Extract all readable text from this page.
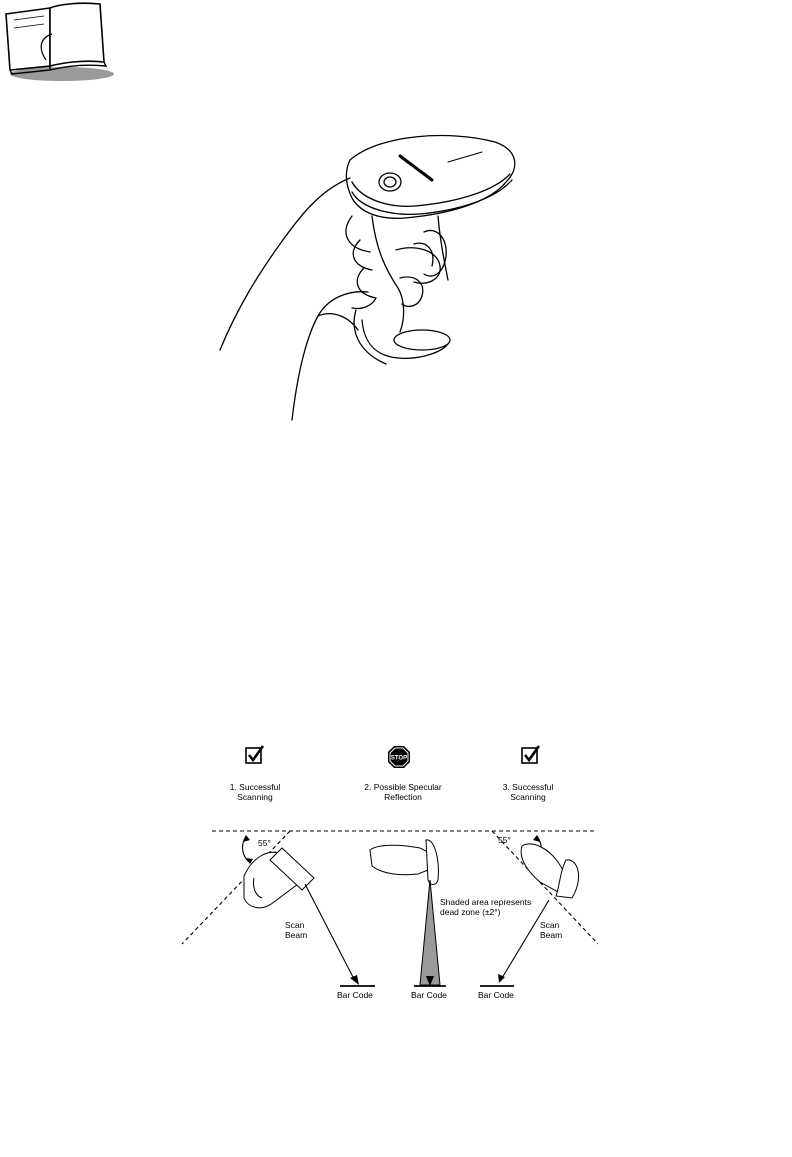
STOP
1. Successful
Scanning
2. Possible Specular
Reflection
3. Successful
Scanning
55°	55°
Scan
Beam
Scan
Beam
Shaded area represents
dead zone (±2°)
Bar Code	Bar Code	Bar Code
